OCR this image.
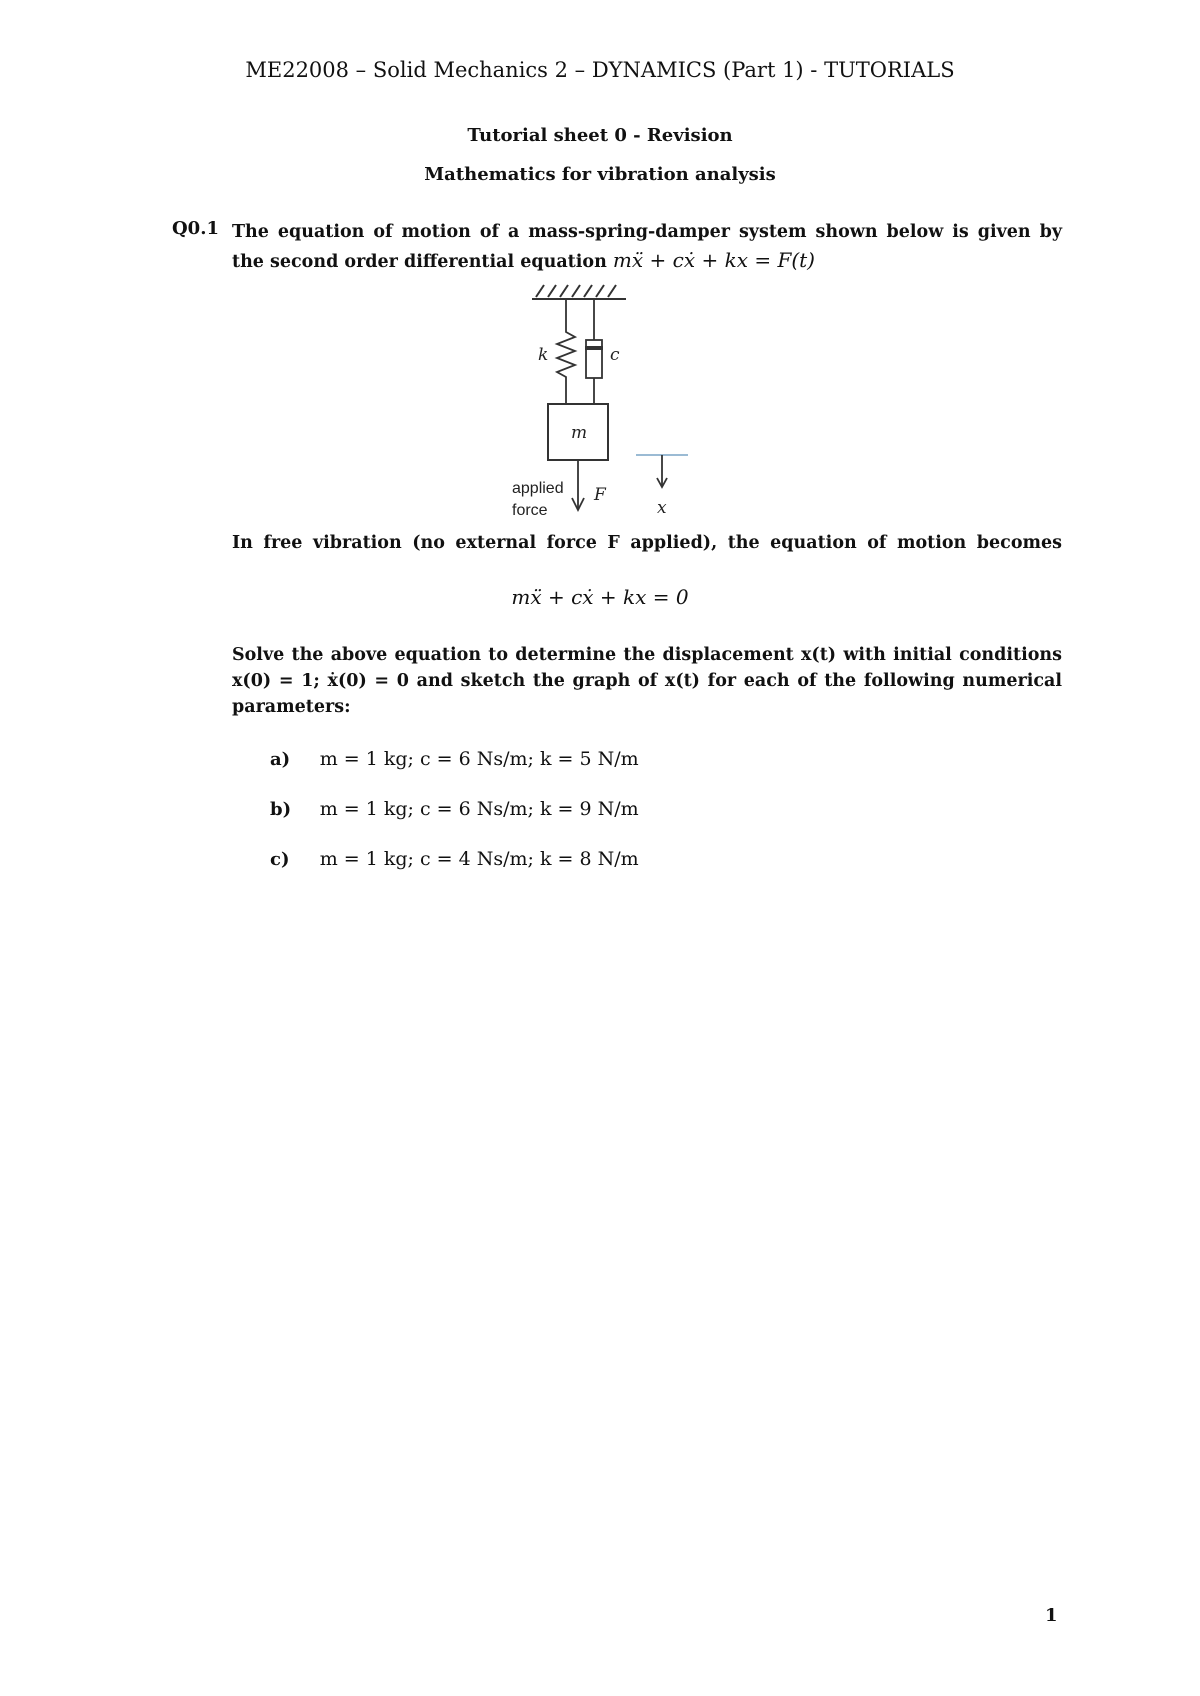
ME22008 – Solid Mechanics 2 – DYNAMICS (Part 1) - TUTORIALS
Tutorial sheet 0 - Revision
Mathematics for vibration analysis
Q0.1 The equation of motion of a mass-spring-damper system shown below is given by the second order differential equation mẍ + cẋ + kx = F(t)
k	c
m
applied
force
F
x
In free vibration (no external force F applied), the equation of motion becomes
mẍ + cẋ + kx = 0
Solve the above equation to determine the displacement x(t) with initial conditions x(0) = 1; ẋ(0) = 0 and sketch the graph of x(t) for each of the following numerical parameters:
a) m = 1 kg; c = 6 Ns/m; k = 5 N/m
b) m = 1 kg; c = 6 Ns/m; k = 9 N/m
c) m = 1 kg; c = 4 Ns/m; k = 8 N/m
1
